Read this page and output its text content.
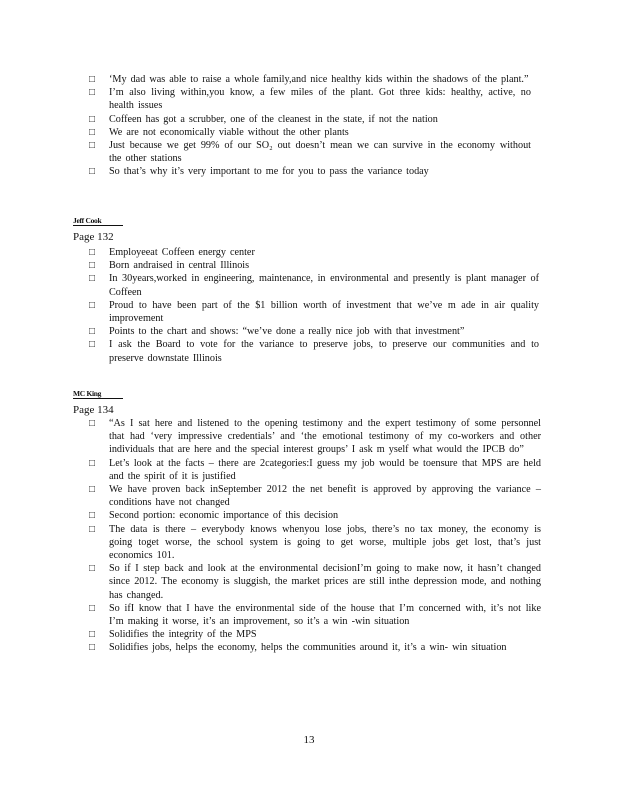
□	‘My dad was able to raise a whole family,and nice healthy kids within the shadows of the plant.”
□	I’m also living within,you know, a few miles of the plant. Got three kids: healthy, active, no health issues
□	Coffeen has got a scrubber, one of the cleanest in the state, if not the nation
□	We are not economically viable without the other plants
□	Just because we get 99% of our SO₂ out doesn’t mean we can survive in the economy without the other stations
□	So that’s why it’s very important to me for you to pass the variance today
Jeff Cook
Page 132
□	Employeeat Coffeen energy center
□	Born andraised in central Illinois
□	In 30years,worked in engineering, maintenance, in environmental and presently is plant manager of Coffeen
□	Proud to have been part of the $1 billion worth of investment that we’ve m ade in air quality improvement
□	Points to the chart and shows: “we’ve done a really nice job with that investment”
□	I ask the Board to vote for the variance to preserve jobs, to preserve our communities and to preserve downstate Illinois
MC King
Page 134
□	“As I sat here and listened to the opening testimony and the expert testimony of some personnel that had ‘very impressive credentials’ and ‘the emotional testimony of my co-workers and other individuals that are here and the special interest groups’ I ask m yself what would the IPCB do”
□	Let’s look at the facts – there are 2categories:I guess my job would be toensure that MPS are held and the spirit of it is justified
□	We have proven back inSeptember 2012 the net benefit is approved by approving the variance – conditions have not changed
□	Second portion: economic importance of this decision
□	The data is there – everybody knows whenyou lose jobs, there’s no tax money, the economy is going toget worse, the school system is going to get worse, multiple jobs get lost, that’s just economics 101.
□	So if I step back and look at the environmental decisionI’m going to make now, it hasn’t changed since 2012. The economy is sluggish, the market prices are still inthe depression mode, and nothing has changed.
□	So ifI know that I have the environmental side of the house that I’m concerned with, it’s not like I’m making it worse, it’s an improvement, so it’s a win -win situation
□	Solidifies the integrity of the MPS
□	Solidifies jobs, helps the economy, helps the communities around it, it’s a win- win situation
13
